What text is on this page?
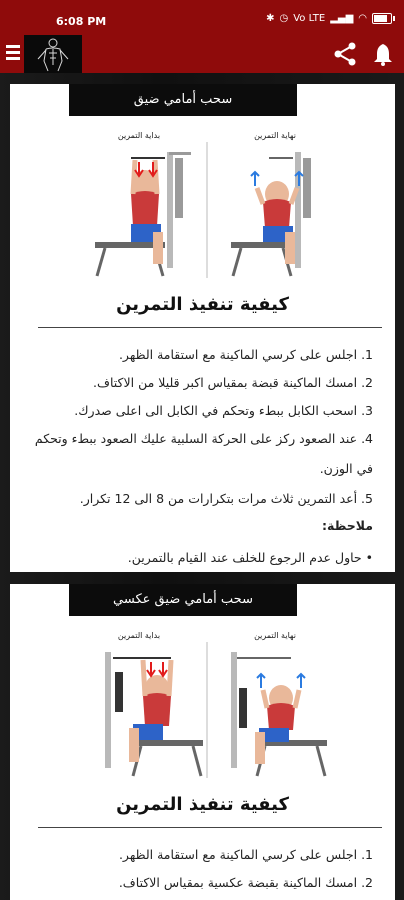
6:08 PM	✱ ◷ Vo LTE ▂▄▆ ◠
سحب أمامي ضيق
بداية التمرين	نهاية التمرين
كيفية تنفيذ التمرين
1. اجلس على كرسي الماكينة مع استقامة الظهر.
2. امسك الماكينة قبضة بمقياس اكبر قليلا من الاكتاف.
3. اسحب الكابل ببطء وتحكم في الكابل الى اعلى صدرك.
4. عند الصعود ركز على الحركة السلبية عليك الصعود ببطء وتحكم
في الوزن.
5. أعد التمرين ثلاث مرات بتكرارات من 8 الى 12 تكرار.
ملاحظة:
• حاول عدم الرجوع للخلف عند القيام بالتمرين.
سحب أمامي ضيق عكسي
بداية التمرين	نهاية التمرين
كيفية تنفيذ التمرين
1. اجلس على كرسي الماكينة مع استقامة الظهر.
2. امسك الماكينة بقبضة عكسية بمقياس الاكتاف.
